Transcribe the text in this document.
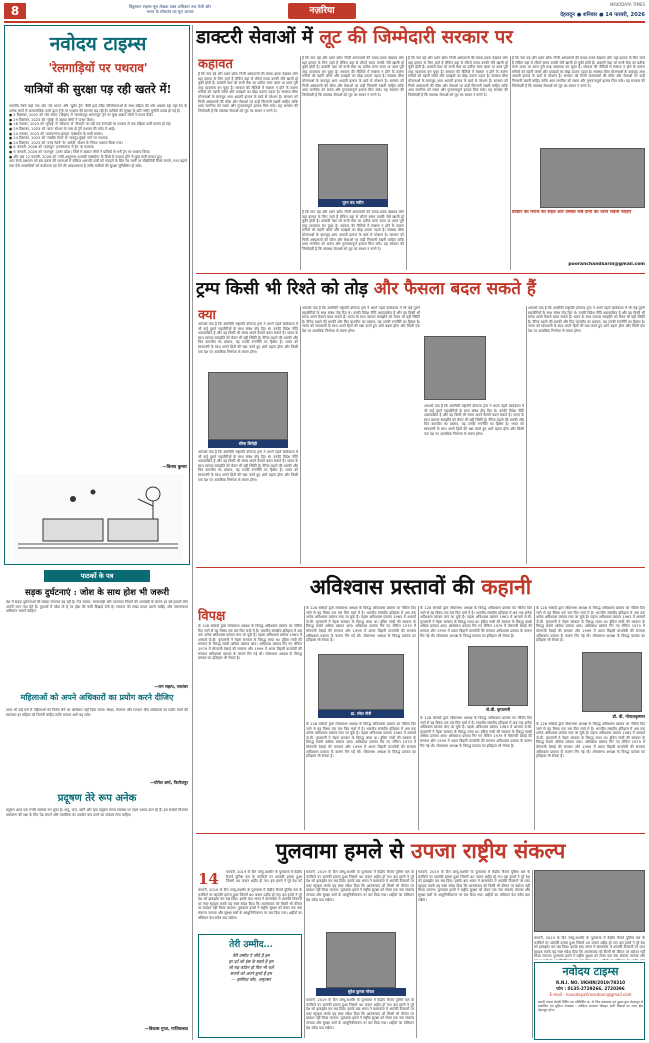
8	हिंदुस्तान टाइम्स मूल लेखक वक्त अधिकार तक तेजी और
भारत के लोकतंत्र का मूल आधार	नज़रिया
NAVODAYA TIMES
देहरादून ● शनिवार ● 14 फरवरी, 2026
नवोदय टाइम्स
'रेलगाड़ियों पर पथराव'
यात्रियों की सुरक्षा पड़ रही खतरे में!
भारतीय रेलवे जहां एक ओर 'वंदे भारत' और 'बुलेट ट्रेन' जैसी हाई स्पीड परियोजनाओं के साथ बढ़िया की ओर अग्रसर रहा वहां रेल के अनेक भागों में असामाजिक तत्वों द्वारा ट्रेनों पर पथराव की घटनाएं बढ़ रही हैं। यात्रियों की सुरक्षा के प्रति गंभीर चुनौती उत्पन्न हो गई है।
● 2 दिसम्बर, 2025 को 'वंदे भारत' (बिहार) में 'जमशेदपुर-भागलपुर' ट्रेन पर कुछ अज्ञात लोगों ने पत्थर फेंके।
● 29 दिसम्बर, 2025 को 'मुंबई' में अज्ञात लोगों ने पत्थर फेंका।
● 18 नवम्बर, 2025 को 'मुम्बई' में 'कोयला' से 'सेवाड़ी' जा रही एक रेलगाड़ी पर पथराव से एक महिला यात्री घायल हो गई।
● 29 दिसम्बर, 2025 को 'बारा' स्टेशन के पास दो ट्रेनें पथराव की चपेट में आईं।
● 24 नवम्बर, 2025 को 'डालटनगंज-हावड़ा' एक्सप्रेस के यात्री घायल।
● 14 दिसम्बर, 2025 को 'लखीम रेलवे' से 'जयपुर-मुंबई' मार्ग पर पथराव।
● 24 दिसम्बर, 2025 को 'उत्तर रेलवे' के 'अमेठी' स्टेशन के निकट पथराव किया गया।
● 6 जनवरी, 2026 को 'उदयपुर' (राजस्थान) में ट्रेन पर पथराव।
● 9 जनवरी, 2026 को 'कानपुर' (उत्तर प्रदेश) जिले में अज्ञात लोगों ने यात्रियों से भरी ट्रेन पर पथराव किया।
● और अब 12 फरवरी, 2026 को 'रांची-अमृतसर शताब्दी एक्सप्रेस' के डिब्बे में पथराव होने से कुछ यात्री घायल हुए।
अतः रेलवे प्रशासन को इस प्रकार की घटनाओं में संलिप्त शरारती तत्वों को पकड़ने के लिए रेल मार्गों पर सीसीटीवी कैमरे लगाने, गश्त बढ़ाने तथा ऐसे अपराधियों को कठोरतम दंड देने की आवश्यकता है ताकि यात्रियों की सुरक्षा सुनिश्चित हो सके।
—विजय कुमार
डाक्टरी सेवाओं में लूट की जिम्मेदारी सरकार पर
कहावत
है कि नाम बड़े और दर्शन छोटे। निजी अस्पतालों की चमक-दमक देखकर लोग वहां इलाज के लिए जाते हैं लेकिन वहां से लौटते समय उनकी जेबें खाली हो चुकी होती हैं। डाक्टरी पेशा जो कभी सेवा का प्रतीक माना जाता था आज पूरी तरह व्यवसाय बन चुका है। सरकार की नीतियों में स्पष्टता न होने के कारण मरीजों को महंगी जांचों और दवाइयों का बोझ उठाना पड़ता है। स्वास्थ्य बीमा योजनाओं के बावजूद आम आदमी इलाज के खर्च से परेशान है। सरकार को निजी अस्पतालों की फीस और सेवाओं पर कड़ी निगरानी रखनी चाहिए ताकि आम नागरिक को सस्ता और गुणवत्तापूर्ण इलाज मिल सके। यह सरकार की जिम्मेदारी है कि स्वास्थ्य सेवाओं को लूट का साधन न बनने दे।
है कि नाम बड़े और दर्शन छोटे। निजी अस्पतालों की चमक-दमक देखकर लोग वहां इलाज के लिए जाते हैं लेकिन वहां से लौटते समय उनकी जेबें खाली हो चुकी होती हैं। डाक्टरी पेशा जो कभी सेवा का प्रतीक माना जाता था आज पूरी तरह व्यवसाय बन चुका है। सरकार की नीतियों में स्पष्टता न होने के कारण मरीजों को महंगी जांचों और दवाइयों का बोझ उठाना पड़ता है। स्वास्थ्य बीमा योजनाओं के बावजूद आम आदमी इलाज के खर्च से परेशान है। सरकार को निजी अस्पतालों की फीस और सेवाओं पर कड़ी निगरानी रखनी चाहिए ताकि आम नागरिक को सस्ता और गुणवत्तापूर्ण इलाज मिल सके। यह सरकार की जिम्मेदारी है कि स्वास्थ्य सेवाओं को लूट का साधन न बनने दे।
पूरन चंद सरीन
है कि नाम बड़े और दर्शन छोटे। निजी अस्पतालों की चमक-दमक देखकर लोग वहां इलाज के लिए जाते हैं लेकिन वहां से लौटते समय उनकी जेबें खाली हो चुकी होती हैं। डाक्टरी पेशा जो कभी सेवा का प्रतीक माना जाता था आज पूरी तरह व्यवसाय बन चुका है। सरकार की नीतियों में स्पष्टता न होने के कारण मरीजों को महंगी जांचों और दवाइयों का बोझ उठाना पड़ता है। स्वास्थ्य बीमा योजनाओं के बावजूद आम आदमी इलाज के खर्च से परेशान है। सरकार को निजी अस्पतालों की फीस और सेवाओं पर कड़ी निगरानी रखनी चाहिए ताकि आम नागरिक को सस्ता और गुणवत्तापूर्ण इलाज मिल सके। यह सरकार की जिम्मेदारी है कि स्वास्थ्य सेवाओं को लूट का साधन न बनने दे।
है कि नाम बड़े और दर्शन छोटे। निजी अस्पतालों की चमक-दमक देखकर लोग वहां इलाज के लिए जाते हैं लेकिन वहां से लौटते समय उनकी जेबें खाली हो चुकी होती हैं। डाक्टरी पेशा जो कभी सेवा का प्रतीक माना जाता था आज पूरी तरह व्यवसाय बन चुका है। सरकार की नीतियों में स्पष्टता न होने के कारण मरीजों को महंगी जांचों और दवाइयों का बोझ उठाना पड़ता है। स्वास्थ्य बीमा योजनाओं के बावजूद आम आदमी इलाज के खर्च से परेशान है। सरकार को निजी अस्पतालों की फीस और सेवाओं पर कड़ी निगरानी रखनी चाहिए ताकि आम नागरिक को सस्ता और गुणवत्तापूर्ण इलाज मिल सके। यह सरकार की जिम्मेदारी है कि स्वास्थ्य सेवाओं को लूट का साधन न बनने दे।
है कि नाम बड़े और दर्शन छोटे। निजी अस्पतालों की चमक-दमक देखकर लोग वहां इलाज के लिए जाते हैं लेकिन वहां से लौटते समय उनकी जेबें खाली हो चुकी होती हैं। डाक्टरी पेशा जो कभी सेवा का प्रतीक माना जाता था आज पूरी तरह व्यवसाय बन चुका है। सरकार की नीतियों में स्पष्टता न होने के कारण मरीजों को महंगी जांचों और दवाइयों का बोझ उठाना पड़ता है। स्वास्थ्य बीमा योजनाओं के बावजूद आम आदमी इलाज के खर्च से परेशान है। सरकार को निजी अस्पतालों की फीस और सेवाओं पर कड़ी निगरानी रखनी चाहिए ताकि आम नागरिक को सस्ता और गुणवत्तापूर्ण इलाज मिल सके। यह सरकार की जिम्मेदारी है कि स्वास्थ्य सेवाओं को लूट का साधन न बनने दे।
डाक्टर को मरीज की सेहत और उसकी जेब दोनों का ध्यान रखना चाहिए
pooranchandsarin@gmail.com
ट्रम्प किसी भी रिश्ते को तोड़ और फैसला बदल सकते हैं
क्या
आपको याद है कि अमरीकी राष्ट्रपति डोनाल्ड ट्रम्प ने अपने पहले कार्यकाल में भी कई पुराने सहयोगियों के साथ संबंध तोड़ दिए थे। उनकी विदेश नीति अप्रत्याशित है और वह किसी भी समय अपने फैसले बदल सकते हैं। भारत के साथ व्यापार समझौते को लेकर भी यही स्थिति है। टैरिफ बढ़ाने की धमकी और फिर बातचीत का प्रस्ताव, यह उनकी रणनीति का हिस्सा है। भारत को सावधानी के साथ अपने हितों की रक्षा करते हुए आगे बढ़ना होगा और किसी एक देश पर अत्यधिक निर्भरता से बचना होगा।
सीमा सिरोही
आपको याद है कि अमरीकी राष्ट्रपति डोनाल्ड ट्रम्प ने अपने पहले कार्यकाल में भी कई पुराने सहयोगियों के साथ संबंध तोड़ दिए थे। उनकी विदेश नीति अप्रत्याशित है और वह किसी भी समय अपने फैसले बदल सकते हैं। भारत के साथ व्यापार समझौते को लेकर भी यही स्थिति है। टैरिफ बढ़ाने की धमकी और फिर बातचीत का प्रस्ताव, यह उनकी रणनीति का हिस्सा है। भारत को सावधानी के साथ अपने हितों की रक्षा करते हुए आगे बढ़ना होगा और किसी एक देश पर अत्यधिक निर्भरता से बचना होगा।
आपको याद है कि अमरीकी राष्ट्रपति डोनाल्ड ट्रम्प ने अपने पहले कार्यकाल में भी कई पुराने सहयोगियों के साथ संबंध तोड़ दिए थे। उनकी विदेश नीति अप्रत्याशित है और वह किसी भी समय अपने फैसले बदल सकते हैं। भारत के साथ व्यापार समझौते को लेकर भी यही स्थिति है। टैरिफ बढ़ाने की धमकी और फिर बातचीत का प्रस्ताव, यह उनकी रणनीति का हिस्सा है। भारत को सावधानी के साथ अपने हितों की रक्षा करते हुए आगे बढ़ना होगा और किसी एक देश पर अत्यधिक निर्भरता से बचना होगा।
आपको याद है कि अमरीकी राष्ट्रपति डोनाल्ड ट्रम्प ने अपने पहले कार्यकाल में भी कई पुराने सहयोगियों के साथ संबंध तोड़ दिए थे। उनकी विदेश नीति अप्रत्याशित है और वह किसी भी समय अपने फैसले बदल सकते हैं। भारत के साथ व्यापार समझौते को लेकर भी यही स्थिति है। टैरिफ बढ़ाने की धमकी और फिर बातचीत का प्रस्ताव, यह उनकी रणनीति का हिस्सा है। भारत को सावधानी के साथ अपने हितों की रक्षा करते हुए आगे बढ़ना होगा और किसी एक देश पर अत्यधिक निर्भरता से बचना होगा।
आपको याद है कि अमरीकी राष्ट्रपति डोनाल्ड ट्रम्प ने अपने पहले कार्यकाल में भी कई पुराने सहयोगियों के साथ संबंध तोड़ दिए थे। उनकी विदेश नीति अप्रत्याशित है और वह किसी भी समय अपने फैसले बदल सकते हैं। भारत के साथ व्यापार समझौते को लेकर भी यही स्थिति है। टैरिफ बढ़ाने की धमकी और फिर बातचीत का प्रस्ताव, यह उनकी रणनीति का हिस्सा है। भारत को सावधानी के साथ अपने हितों की रक्षा करते हुए आगे बढ़ना होगा और किसी एक देश पर अत्यधिक निर्भरता से बचना होगा।
पाठकों के पत्र
सड़क दुर्घटनाएं : जोश के साथ होश भी जरूरी
देश में सड़क दुर्घटनाओं की संख्या लगातार बढ़ रही है। तेज रफ्तार, लापरवाही और यातायात नियमों की अनदेखी के कारण हर वर्ष हजारों लोग अपनी जान गंवा देते हैं। युवाओं में जोश तो है पर होश की कमी दिखाई देती है। सरकार को सख्त कदम उठाने चाहिए और जागरूकता अभियान चलाने चाहिए।
—राम सहाय, जालंधर
महिलाओं को अपने अधिकारों का प्रयोग करने दीजिए
आज भी कई घरों में महिलाओं को निर्णय लेने का अधिकार नहीं दिया जाता। शिक्षा, रोजगार और मतदान जैसे अधिकारों का प्रयोग करने की स्वतंत्रता हर महिला को मिलनी चाहिए ताकि समाज आगे बढ़ सके।
—योगेश शर्मा, फिरोजपुर
प्रदूषण तेरे रूप अनेक
प्रदूषण आज एक गंभीर समस्या बन चुका है। वायु, जल, ध्वनि और मृदा प्रदूषण मानव स्वास्थ्य पर गहरा प्रभाव डाल रहे हैं। हम सबको मिलकर पर्यावरण की रक्षा के लिए पेड़ लगाने और प्लास्टिक का उपयोग कम करने का संकल्प लेना चाहिए।
—विकास गुप्ता, गाजियाबाद
अविश्वास प्रस्तावों की कहानी
विपक्ष
के 128 सांसदों द्वारा लोकसभा अध्यक्ष के विरुद्ध अविश्वास प्रस्ताव का नोटिस दिए जाने से यह विषय एक बार फिर चर्चा में है। भारतीय संसदीय इतिहास में अब तक अनेक अविश्वास प्रस्ताव लाए जा चुके हैं। पहला अविश्वास प्रस्ताव 1963 में आचार्य जे.बी. कृपलानी ने नेहरू सरकार के विरुद्ध लाया था। इंदिरा गांधी की सरकार के विरुद्ध सबसे अधिक प्रस्ताव आए। अधिकांश प्रस्ताव गिर गए लेकिन 1979 में मोरारजी देसाई की सरकार और 1999 में अटल बिहारी वाजपेयी की सरकार अविश्वास प्रस्ताव के कारण गिर गई थी। लोकसभा अध्यक्ष के विरुद्ध प्रस्ताव का इतिहास भी रोचक है।
के 128 सांसदों द्वारा लोकसभा अध्यक्ष के विरुद्ध अविश्वास प्रस्ताव का नोटिस दिए जाने से यह विषय एक बार फिर चर्चा में है। भारतीय संसदीय इतिहास में अब तक अनेक अविश्वास प्रस्ताव लाए जा चुके हैं। पहला अविश्वास प्रस्ताव 1963 में आचार्य जे.बी. कृपलानी ने नेहरू सरकार के विरुद्ध लाया था। इंदिरा गांधी की सरकार के विरुद्ध सबसे अधिक प्रस्ताव आए। अधिकांश प्रस्ताव गिर गए लेकिन 1979 में मोरारजी देसाई की सरकार और 1999 में अटल बिहारी वाजपेयी की सरकार अविश्वास प्रस्ताव के कारण गिर गई थी। लोकसभा अध्यक्ष के विरुद्ध प्रस्ताव का इतिहास भी रोचक है।
डा. रमेश सैनी
के 128 सांसदों द्वारा लोकसभा अध्यक्ष के विरुद्ध अविश्वास प्रस्ताव का नोटिस दिए जाने से यह विषय एक बार फिर चर्चा में है। भारतीय संसदीय इतिहास में अब तक अनेक अविश्वास प्रस्ताव लाए जा चुके हैं। पहला अविश्वास प्रस्ताव 1963 में आचार्य जे.बी. कृपलानी ने नेहरू सरकार के विरुद्ध लाया था। इंदिरा गांधी की सरकार के विरुद्ध सबसे अधिक प्रस्ताव आए। अधिकांश प्रस्ताव गिर गए लेकिन 1979 में मोरारजी देसाई की सरकार और 1999 में अटल बिहारी वाजपेयी की सरकार अविश्वास प्रस्ताव के कारण गिर गई थी। लोकसभा अध्यक्ष के विरुद्ध प्रस्ताव का इतिहास भी रोचक है।
के 128 सांसदों द्वारा लोकसभा अध्यक्ष के विरुद्ध अविश्वास प्रस्ताव का नोटिस दिए जाने से यह विषय एक बार फिर चर्चा में है। भारतीय संसदीय इतिहास में अब तक अनेक अविश्वास प्रस्ताव लाए जा चुके हैं। पहला अविश्वास प्रस्ताव 1963 में आचार्य जे.बी. कृपलानी ने नेहरू सरकार के विरुद्ध लाया था। इंदिरा गांधी की सरकार के विरुद्ध सबसे अधिक प्रस्ताव आए। अधिकांश प्रस्ताव गिर गए लेकिन 1979 में मोरारजी देसाई की सरकार और 1999 में अटल बिहारी वाजपेयी की सरकार अविश्वास प्रस्ताव के कारण गिर गई थी। लोकसभा अध्यक्ष के विरुद्ध प्रस्ताव का इतिहास भी रोचक है।
जे.बी. कृपलानी
के 128 सांसदों द्वारा लोकसभा अध्यक्ष के विरुद्ध अविश्वास प्रस्ताव का नोटिस दिए जाने से यह विषय एक बार फिर चर्चा में है। भारतीय संसदीय इतिहास में अब तक अनेक अविश्वास प्रस्ताव लाए जा चुके हैं। पहला अविश्वास प्रस्ताव 1963 में आचार्य जे.बी. कृपलानी ने नेहरू सरकार के विरुद्ध लाया था। इंदिरा गांधी की सरकार के विरुद्ध सबसे अधिक प्रस्ताव आए। अधिकांश प्रस्ताव गिर गए लेकिन 1979 में मोरारजी देसाई की सरकार और 1999 में अटल बिहारी वाजपेयी की सरकार अविश्वास प्रस्ताव के कारण गिर गई थी। लोकसभा अध्यक्ष के विरुद्ध प्रस्ताव का इतिहास भी रोचक है।
के 128 सांसदों द्वारा लोकसभा अध्यक्ष के विरुद्ध अविश्वास प्रस्ताव का नोटिस दिए जाने से यह विषय एक बार फिर चर्चा में है। भारतीय संसदीय इतिहास में अब तक अनेक अविश्वास प्रस्ताव लाए जा चुके हैं। पहला अविश्वास प्रस्ताव 1963 में आचार्य जे.बी. कृपलानी ने नेहरू सरकार के विरुद्ध लाया था। इंदिरा गांधी की सरकार के विरुद्ध सबसे अधिक प्रस्ताव आए। अधिकांश प्रस्ताव गिर गए लेकिन 1979 में मोरारजी देसाई की सरकार और 1999 में अटल बिहारी वाजपेयी की सरकार अविश्वास प्रस्ताव के कारण गिर गई थी। लोकसभा अध्यक्ष के विरुद्ध प्रस्ताव का इतिहास भी रोचक है।
डॉ. वी. गोपालकृष्णन
के 128 सांसदों द्वारा लोकसभा अध्यक्ष के विरुद्ध अविश्वास प्रस्ताव का नोटिस दिए जाने से यह विषय एक बार फिर चर्चा में है। भारतीय संसदीय इतिहास में अब तक अनेक अविश्वास प्रस्ताव लाए जा चुके हैं। पहला अविश्वास प्रस्ताव 1963 में आचार्य जे.बी. कृपलानी ने नेहरू सरकार के विरुद्ध लाया था। इंदिरा गांधी की सरकार के विरुद्ध सबसे अधिक प्रस्ताव आए। अधिकांश प्रस्ताव गिर गए लेकिन 1979 में मोरारजी देसाई की सरकार और 1999 में अटल बिहारी वाजपेयी की सरकार अविश्वास प्रस्ताव के कारण गिर गई थी। लोकसभा अध्यक्ष के विरुद्ध प्रस्ताव का इतिहास भी रोचक है।
पुलवामा हमले से उपजा राष्ट्रीय संकल्प
14	फरवरी, 2019 के दिन जम्मू-कश्मीर के पुलवामा में केंद्रीय रिजर्व पुलिस बल के काफिले पर आतंकी हमला हुआ जिसमें 40 जवान शहीद हो गए। इस हमले ने पूरे देश को
फरवरी, 2019 के दिन जम्मू-कश्मीर के पुलवामा में केंद्रीय रिजर्व पुलिस बल के काफिले पर आतंकी हमला हुआ जिसमें 40 जवान शहीद हो गए। इस हमले ने पूरे देश को झकझोर कर रख दिया। इसके बाद भारत ने बालाकोट में आतंकी ठिकानों पर एयर स्ट्राइक करके यह स्पष्ट संदेश दिया कि आतंकवाद को किसी भी कीमत पर बर्दाश्त नहीं किया जाएगा। पुलवामा हमले ने राष्ट्रीय सुरक्षा को लेकर एक नया संकल्प जगाया और सुरक्षा बलों के आधुनिकीकरण पर बल दिया गया। शहीदों का बलिदान देश सदैव याद रखेगा।
तेरी उम्मीद...
तेरी उम्मीद पे जीते हैं हम
हर दर्द को हंस के सहते हैं हम
जो राह कठिन हो फिर भी चलें
सपनों को अपने बुनते हैं हम
— हरमिंदर कौर, अमृतसर
फरवरी, 2019 के दिन जम्मू-कश्मीर के पुलवामा में केंद्रीय रिजर्व पुलिस बल के काफिले पर आतंकी हमला हुआ जिसमें 40 जवान शहीद हो गए। इस हमले ने पूरे देश को झकझोर कर रख दिया। इसके बाद भारत ने बालाकोट में आतंकी ठिकानों पर एयर स्ट्राइक करके यह स्पष्ट संदेश दिया कि आतंकवाद को किसी भी कीमत पर बर्दाश्त नहीं किया जाएगा। पुलवामा हमले ने राष्ट्रीय सुरक्षा को लेकर एक नया संकल्प जगाया और सुरक्षा बलों के आधुनिकीकरण पर बल दिया गया। शहीदों का बलिदान देश सदैव याद रखेगा।
सुरेश कुमार गोयल
फरवरी, 2019 के दिन जम्मू-कश्मीर के पुलवामा में केंद्रीय रिजर्व पुलिस बल के काफिले पर आतंकी हमला हुआ जिसमें 40 जवान शहीद हो गए। इस हमले ने पूरे देश को झकझोर कर रख दिया। इसके बाद भारत ने बालाकोट में आतंकी ठिकानों पर एयर स्ट्राइक करके यह स्पष्ट संदेश दिया कि आतंकवाद को किसी भी कीमत पर बर्दाश्त नहीं किया जाएगा। पुलवामा हमले ने राष्ट्रीय सुरक्षा को लेकर एक नया संकल्प जगाया और सुरक्षा बलों के आधुनिकीकरण पर बल दिया गया। शहीदों का बलिदान देश सदैव याद रखेगा।
फरवरी, 2019 के दिन जम्मू-कश्मीर के पुलवामा में केंद्रीय रिजर्व पुलिस बल के काफिले पर आतंकी हमला हुआ जिसमें 40 जवान शहीद हो गए। इस हमले ने पूरे देश को झकझोर कर रख दिया। इसके बाद भारत ने बालाकोट में आतंकी ठिकानों पर एयर स्ट्राइक करके यह स्पष्ट संदेश दिया कि आतंकवाद को किसी भी कीमत पर बर्दाश्त नहीं किया जाएगा। पुलवामा हमले ने राष्ट्रीय सुरक्षा को लेकर एक नया संकल्प जगाया और सुरक्षा बलों के आधुनिकीकरण पर बल दिया गया। शहीदों का बलिदान देश सदैव याद रखेगा।
फरवरी, 2019 के दिन जम्मू-कश्मीर के पुलवामा में केंद्रीय रिजर्व पुलिस बल के काफिले पर आतंकी हमला हुआ जिसमें 40 जवान शहीद हो गए। इस हमले ने पूरे देश को झकझोर कर रख दिया। इसके बाद भारत ने बालाकोट में आतंकी ठिकानों पर एयर स्ट्राइक करके यह स्पष्ट संदेश दिया कि आतंकवाद को किसी भी कीमत पर बर्दाश्त नहीं किया जाएगा। पुलवामा हमले ने राष्ट्रीय सुरक्षा को लेकर एक नया संकल्प जगाया और
नवोदय टाइम्स
R.N.I. NO. UKHIN/2019/78310
फोन : 0135-2729266, 2720396
E-mail : navodayatimesdoon@gmail.com
स्वामी पंजाब केसरी प्रिंटिंग एंड पब्लिशिंग कं. के लिए प्रकाशक एवं मुद्रक द्वारा देहरादून से प्रकाशित एवं मुद्रित। संपादक : आदित्य नारायण चोपड़ा। सभी विवादों का न्याय क्षेत्र देहरादून होगा।
